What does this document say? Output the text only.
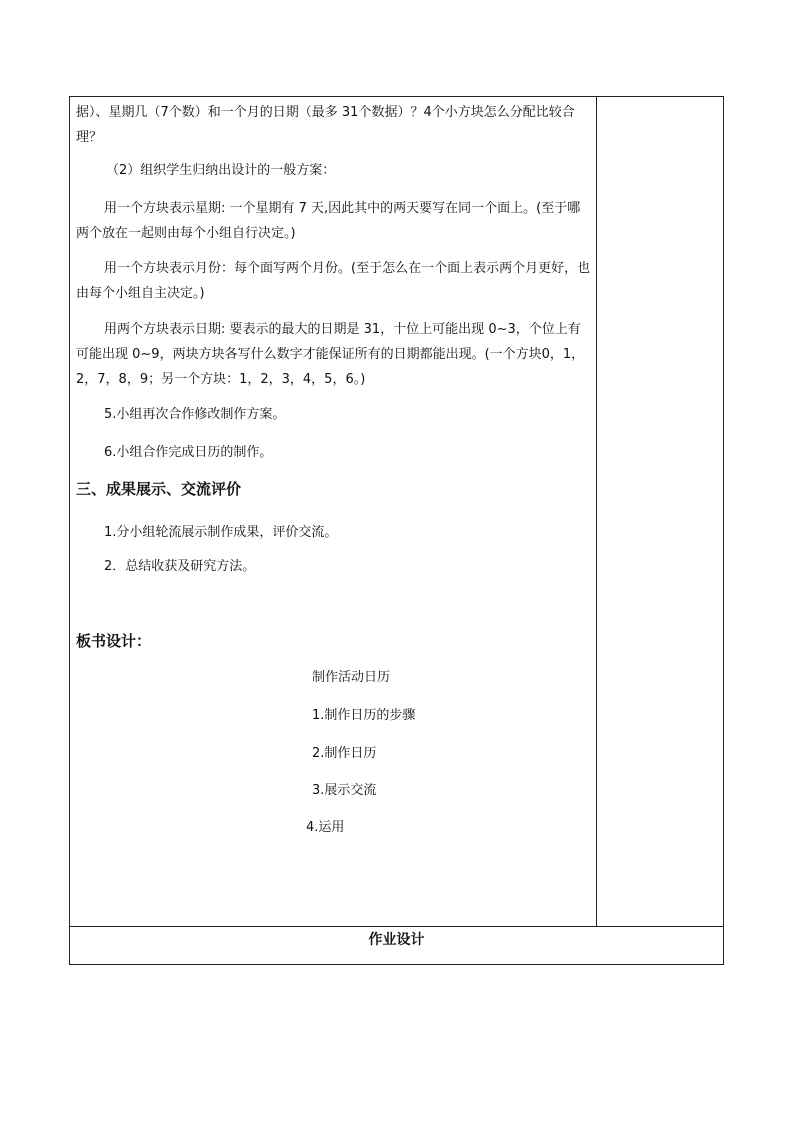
据）、星期几（7个数）和一个月的日期（最多 31个数据）？4个小方块怎么分配比较合理？
（2）组织学生归纳出设计的一般方案：
用一个方块表示星期: 一个星期有 7 天,因此其中的两天要写在同一个面上。(至于哪两个放在一起则由每个小组自行决定。)
用一个方块表示月份：每个面写两个月份。(至于怎么在一个面上表示两个月更好，也由每个小组自主决定。)
用两个方块表示日期: 要表示的最大的日期是 31，十位上可能出现 0~3，个位上有可能出现 0~9，两块方块各写什么数字才能保证所有的日期都能出现。(一个方块0，1，2，7，8，9；另一个方块：1，2，3，4，5，6。)
5.小组再次合作修改制作方案。
6.小组合作完成日历的制作。
三、成果展示、交流评价
1.分小组轮流展示制作成果，评价交流。
2．总结收获及研究方法。
板书设计：
制作活动日历
1.制作日历的步骤
2.制作日历
3.展示交流
4.运用
作业设计
